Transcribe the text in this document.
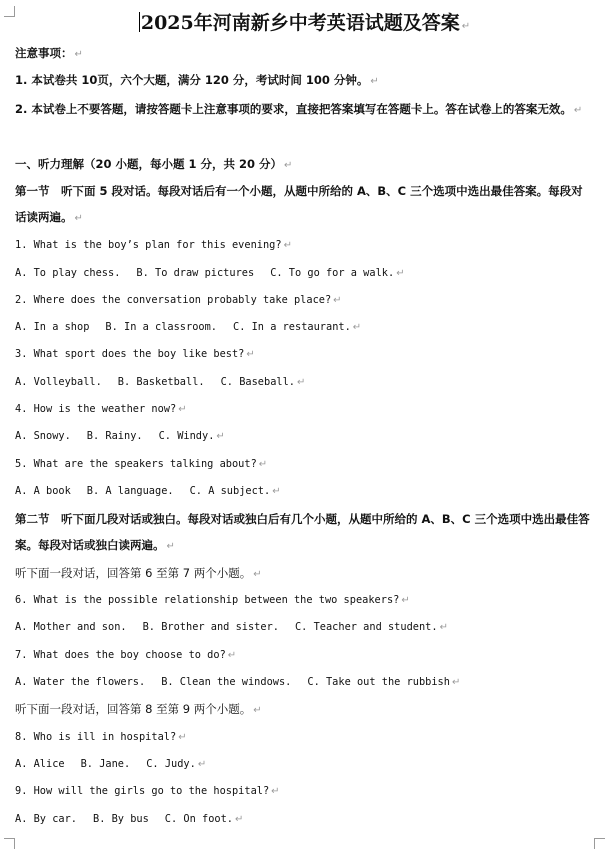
2025年河南新乡中考英语试题及答案 ↵
注意事项： ↵
1. 本试卷共 10页，六个大题，满分 120 分，考试时间 100 分钟。 ↵
2. 本试卷上不要答题，请按答题卡上注意事项的要求，直接把答案填写在答题卡上。答在试卷上的答案无效。 ↵
一、听力理解（20 小题，每小题 1 分，共 20 分） ↵
第一节　听下面 5 段对话。每段对话后有一个小题，从题中所给的 A、B、C 三个选项中选出最佳答案。每段对话读两遍。 ↵
1. What is the boy’s plan for this evening? ↵
A. To play chess. B. To draw pictures C. To go for a walk. ↵
2. Where does the conversation probably take place? ↵
A. In a shop B. In a classroom. C. In a restaurant. ↵
3. What sport does the boy like best? ↵
A. Volleyball. B. Basketball. C. Baseball. ↵
4. How is the weather now? ↵
A. Snowy. B. Rainy. C. Windy. ↵
5. What are the speakers talking about? ↵
A. A book B. A language. C. A subject. ↵
第二节　听下面几段对话或独白。每段对话或独白后有几个小题，从题中所给的 A、B、C 三个选项中选出最佳答案。每段对话或独白读两遍。 ↵
听下面一段对话，回答第 6 至第 7 两个小题。 ↵
6. What is the possible relationship between the two speakers? ↵
A. Mother and son. B. Brother and sister. C. Teacher and student. ↵
7. What does the boy choose to do? ↵
A. Water the flowers. B. Clean the windows. C. Take out the rubbish ↵
听下面一段对话，回答第 8 至第 9 两个小题。 ↵
8. Who is ill in hospital? ↵
A. Alice B. Jane. C. Judy. ↵
9. How will the girls go to the hospital? ↵
A. By car. B. By bus C. On foot. ↵
